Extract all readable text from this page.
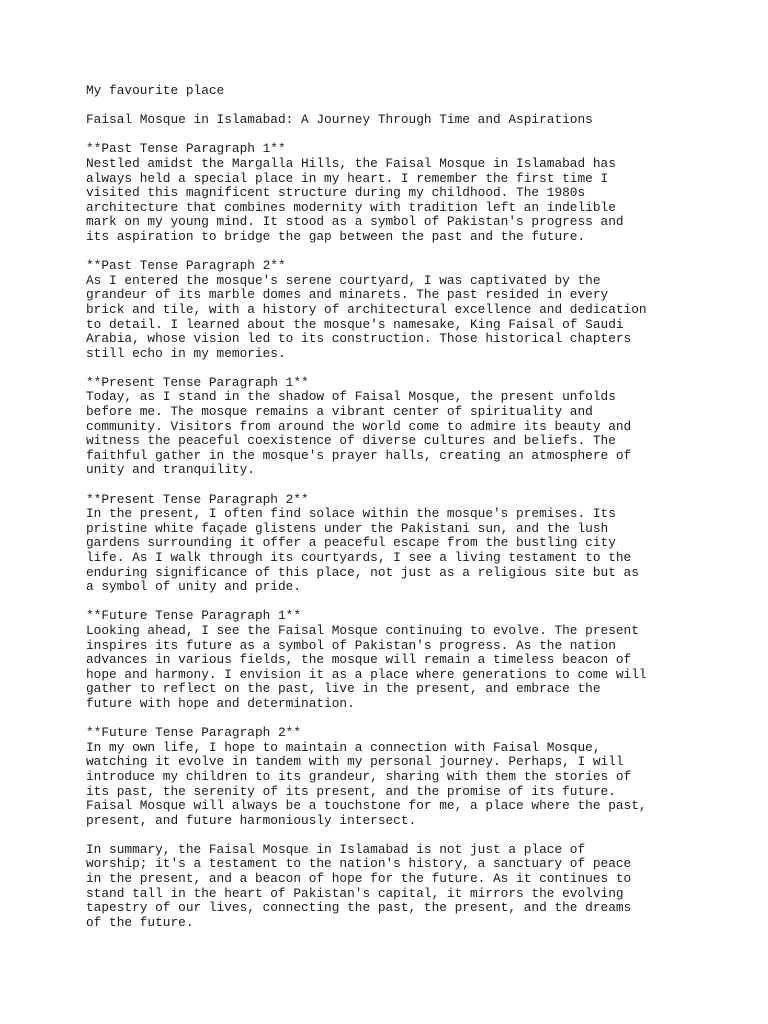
My favourite place
Faisal Mosque in Islamabad: A Journey Through Time and Aspirations
**Past Tense Paragraph 1**
Nestled amidst the Margalla Hills, the Faisal Mosque in Islamabad has
always held a special place in my heart. I remember the first time I
visited this magnificent structure during my childhood. The 1980s
architecture that combines modernity with tradition left an indelible
mark on my young mind. It stood as a symbol of Pakistan's progress and
its aspiration to bridge the gap between the past and the future.
**Past Tense Paragraph 2**
As I entered the mosque's serene courtyard, I was captivated by the
grandeur of its marble domes and minarets. The past resided in every
brick and tile, with a history of architectural excellence and dedication
to detail. I learned about the mosque's namesake, King Faisal of Saudi
Arabia, whose vision led to its construction. Those historical chapters
still echo in my memories.
**Present Tense Paragraph 1**
Today, as I stand in the shadow of Faisal Mosque, the present unfolds
before me. The mosque remains a vibrant center of spirituality and
community. Visitors from around the world come to admire its beauty and
witness the peaceful coexistence of diverse cultures and beliefs. The
faithful gather in the mosque's prayer halls, creating an atmosphere of
unity and tranquility.
**Present Tense Paragraph 2**
In the present, I often find solace within the mosque's premises. Its
pristine white façade glistens under the Pakistani sun, and the lush
gardens surrounding it offer a peaceful escape from the bustling city
life. As I walk through its courtyards, I see a living testament to the
enduring significance of this place, not just as a religious site but as
a symbol of unity and pride.
**Future Tense Paragraph 1**
Looking ahead, I see the Faisal Mosque continuing to evolve. The present
inspires its future as a symbol of Pakistan's progress. As the nation
advances in various fields, the mosque will remain a timeless beacon of
hope and harmony. I envision it as a place where generations to come will
gather to reflect on the past, live in the present, and embrace the
future with hope and determination.
**Future Tense Paragraph 2**
In my own life, I hope to maintain a connection with Faisal Mosque,
watching it evolve in tandem with my personal journey. Perhaps, I will
introduce my children to its grandeur, sharing with them the stories of
its past, the serenity of its present, and the promise of its future.
Faisal Mosque will always be a touchstone for me, a place where the past,
present, and future harmoniously intersect.
In summary, the Faisal Mosque in Islamabad is not just a place of
worship; it's a testament to the nation's history, a sanctuary of peace
in the present, and a beacon of hope for the future. As it continues to
stand tall in the heart of Pakistan's capital, it mirrors the evolving
tapestry of our lives, connecting the past, the present, and the dreams
of the future.
